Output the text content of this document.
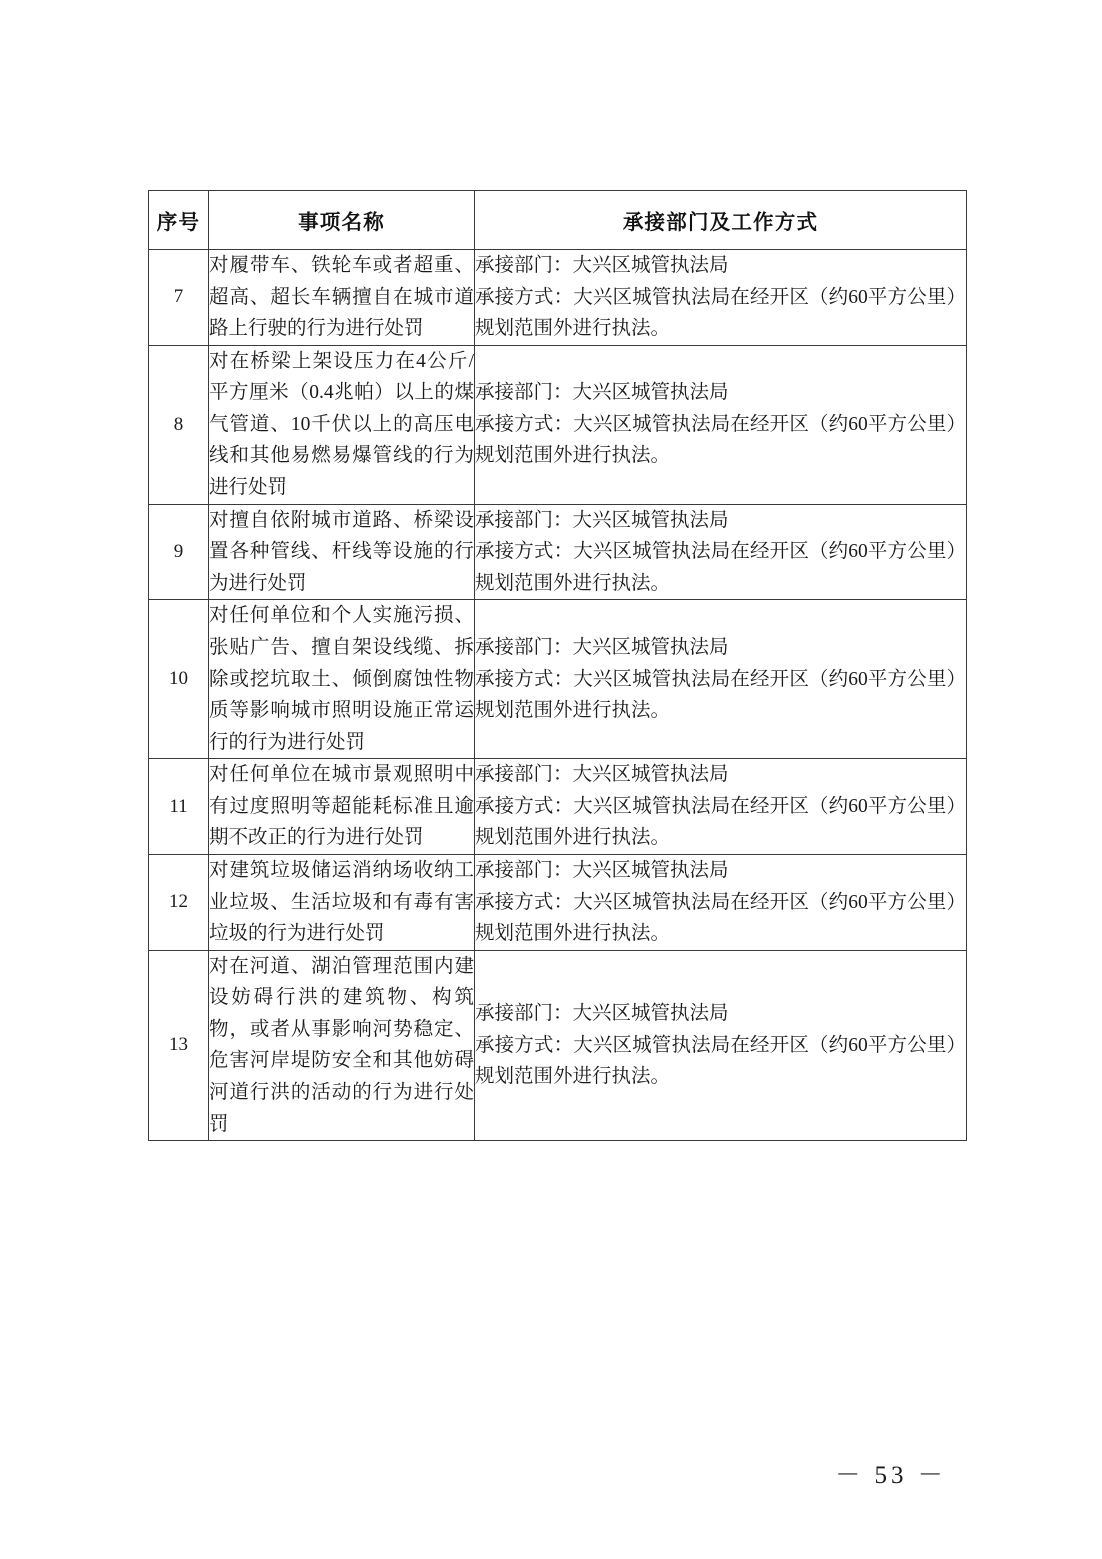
序号	事项名称	承接部门及工作方式
7	对履带车、铁轮车或者超重、超高、超长车辆擅自在城市道路上行驶的行为进行处罚	承接部门：大兴区城管执法局
承接方式：大兴区城管执法局在经开区（约60平方公里）规划范围外进行执法。

8	对在桥梁上架设压力在4公斤/平方厘米（0.4兆帕）以上的煤气管道、10千伏以上的高压电线和其他易燃易爆管线的行为进行处罚	承接部门：大兴区城管执法局
承接方式：大兴区城管执法局在经开区（约60平方公里）规划范围外进行执法。

9	对擅自依附城市道路、桥梁设置各种管线、杆线等设施的行为进行处罚	承接部门：大兴区城管执法局
承接方式：大兴区城管执法局在经开区（约60平方公里）规划范围外进行执法。

10	对任何单位和个人实施污损、张贴广告、擅自架设线缆、拆除或挖坑取土、倾倒腐蚀性物质等影响城市照明设施正常运行的行为进行处罚	承接部门：大兴区城管执法局
承接方式：大兴区城管执法局在经开区（约60平方公里）规划范围外进行执法。

11	对任何单位在城市景观照明中有过度照明等超能耗标准且逾期不改正的行为进行处罚	承接部门：大兴区城管执法局
承接方式：大兴区城管执法局在经开区（约60平方公里）规划范围外进行执法。

12	对建筑垃圾储运消纳场收纳工业垃圾、生活垃圾和有毒有害垃圾的行为进行处罚	承接部门：大兴区城管执法局
承接方式：大兴区城管执法局在经开区（约60平方公里）规划范围外进行执法。

13	对在河道、湖泊管理范围内建设妨碍行洪的建筑物、构筑物，或者从事影响河势稳定、危害河岸堤防安全和其他妨碍河道行洪的活动的行为进行处罚	承接部门：大兴区城管执法局
承接方式：大兴区城管执法局在经开区（约60平方公里）规划范围外进行执法。
－ 53 －
